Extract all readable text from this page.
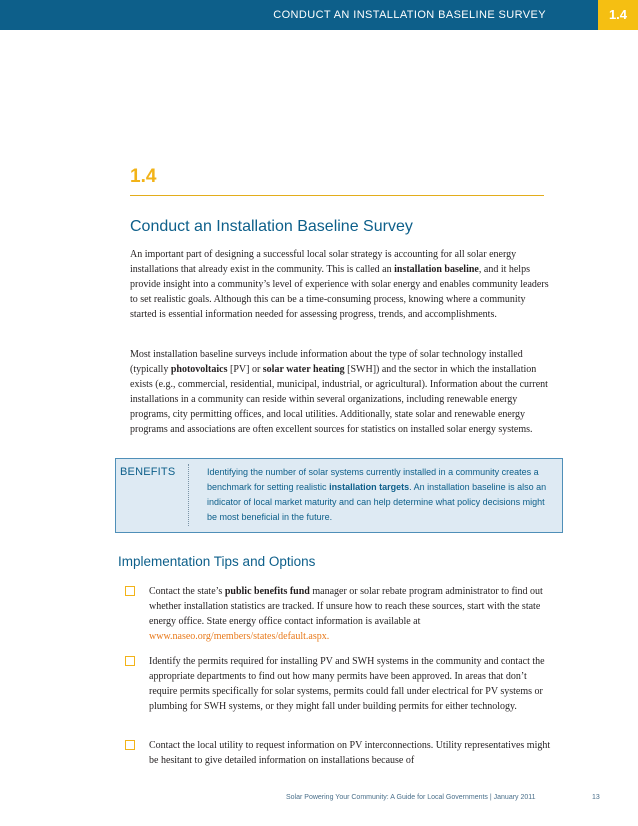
CONDUCT AN INSTALLATION BASELINE SURVEY	1.4
1.4
Conduct an Installation Baseline Survey

An important part of designing a successful local solar strategy is accounting for all solar energy installations that already exist in the community. This is called an installation baseline, and it helps provide insight into a community’s level of experience with solar energy and enables community leaders to set realistic goals. Although this can be a time-consuming process, knowing where a community started is essential information needed for assessing progress, trends, and accomplishments.

Most installation baseline surveys include information about the type of solar technology installed (typically photovoltaics [PV] or solar water heating [SWH]) and the sector in which the installation exists (e.g., commercial, residential, municipal, industrial, or agricultural). Information about the current installations in a community can reside within several organizations, including renewable energy programs, city permitting offices, and local utilities. Additionally, state solar and renewable energy programs and associations are often excellent sources for statistics on installed solar energy systems.

BENEFITS	Identifying the number of solar systems currently installed in a community creates a benchmark for setting realistic installation targets. An installation baseline is also an indicator of local market maturity and can help determine what policy decisions might be most beneficial in the future.

Implementation Tips and Options

Contact the state’s public benefits fund manager or solar rebate program administrator to find out whether installation statistics are tracked. If unsure how to reach these sources, start with the state energy office. State energy office contact information is available at www.naseo.org/members/states/default.aspx.

Identify the permits required for installing PV and SWH systems in the community and contact the appropriate departments to find out how many permits have been approved. In areas that don’t require permits specifically for solar systems, permits could fall under electrical for PV systems or plumbing for SWH systems, or they might fall under building permits for either technology.

Contact the local utility to request information on PV interconnections. Utility representatives might be hesitant to give detailed information on installations because of

Solar Powering Your Community: A Guide for Local Governments | January 2011	13
